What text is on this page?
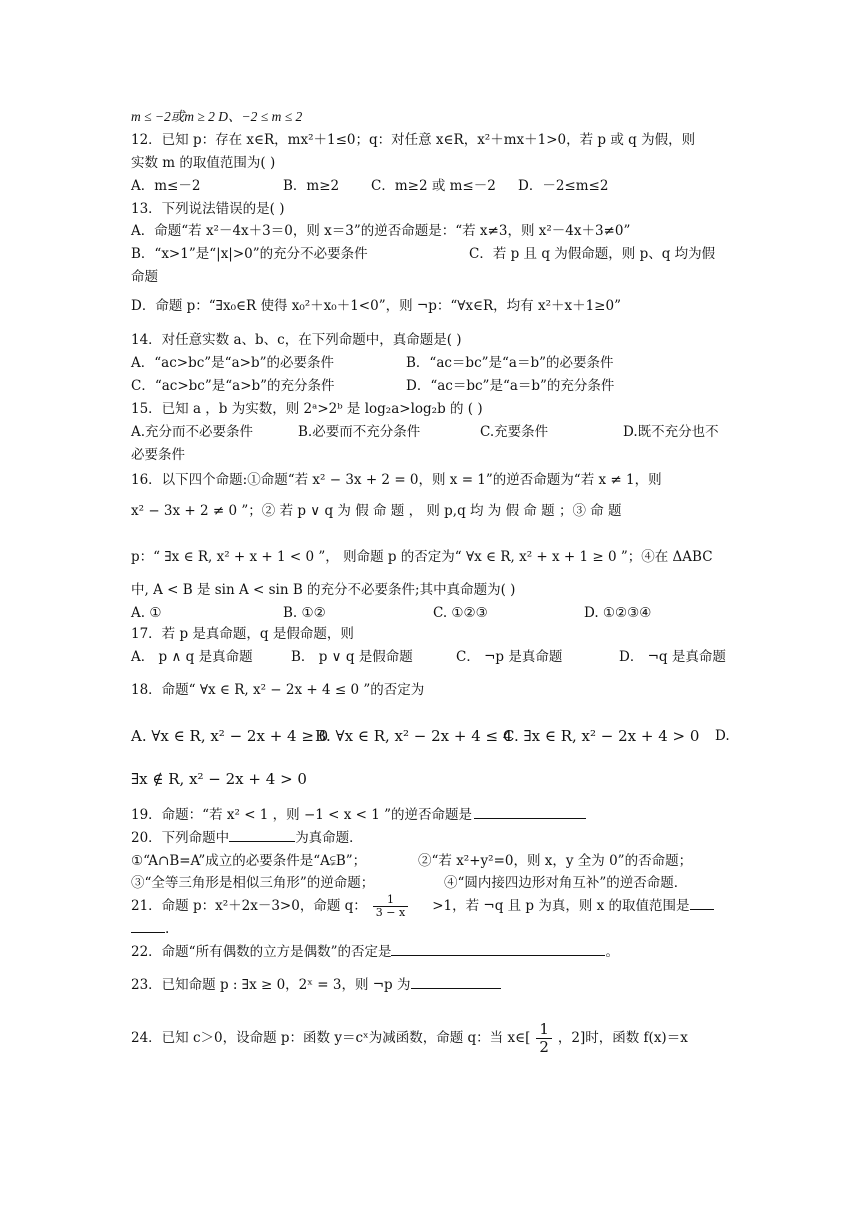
m ≤ −2或m ≥ 2 D、−2 ≤ m ≤ 2
12．已知 p：存在 x∈R，mx²＋1≤0；q：对任意 x∈R，x²＋mx＋1>0，若 p 或 q 为假，则
实数 m 的取值范围为( )
A．m≤－2	B．m≥2 C．m≥2 或 m≤－2 D．－2≤m≤2
13．下列说法错误的是( )
A．命题“若 x²－4x＋3＝0，则 x＝3”的逆否命题是：“若 x≠3，则 x²－4x＋3≠0”
B．“x>1”是“|x|>0”的充分不必要条件	C．若 p 且 q 为假命题，则 p、q 均为假
命题
D．命题 p：“∃x₀∈R 使得 x₀²＋x₀＋1<0”，则 ¬p：“∀x∈R，均有 x²＋x＋1≥0”
14．对任意实数 a、b、c，在下列命题中，真命题是( )
A．“ac>bc”是“a>b”的必要条件	B．“ac＝bc”是“a＝b”的必要条件
C．“ac>bc”是“a>b”的充分条件	D．“ac＝bc”是“a＝b”的充分条件
15．已知 a ，b 为实数，则 2ᵃ>2ᵇ 是 log₂a>log₂b 的 ( )
A.充分而不必要条件	B.必要而不充分条件	C.充要条件	D.既不充分也不
必要条件
16．以下四个命题:①命题“若 x² − 3x + 2 = 0，则 x = 1”的逆否命题为“若 x ≠ 1，则
x² − 3x + 2 ≠ 0 ”；② 若 p ∨ q 为 假 命 题 ， 则 p,q 均 为 假 命 题 ；③ 命 题
p：“ ∃x ∈ R, x² + x + 1 < 0 ”， 则命题 p 的否定为“ ∀x ∈ R, x² + x + 1 ≥ 0 ”；④在 ΔABC
中, A < B 是 sin A < sin B 的充分不必要条件;其中真命题为( )
A. ①	B. ①②	C. ①②③	D. ①②③④
17．若 p 是真命题，q 是假命题，则
A． p ∧ q 是真命题	B． p ∨ q 是假命题	C． ¬p 是真命题	D． ¬q 是真命题
18．命题“ ∀x ∈ R, x² − 2x + 4 ≤ 0 ”的否定为
A. ∀x ∈ R, x² − 2x + 4 ≥ 0
B. ∀x ∈ R, x² − 2x + 4 ≤ 4
C. ∃x ∈ R, x² − 2x + 4 > 0 D.
∃x ∉ R, x² − 2x + 4 > 0
19．命题：“若 x² < 1 ，则 −1 < x < 1 ”的逆否命题是
20．下列命题中	为真命题．
①“A∩B=A”成立的必要条件是“A⫋B”；	②“若 x²+y²=0，则 x，y 全为 0”的否命题；
③“全等三角形是相似三角形”的逆命题；	④“圆内接四边形对角互补”的逆否命题．
21．命题 p：x²＋2x－3>0，命题 q： $\frac{1}{3 - x} >1$，若 ¬q 且 p 为真，则 x 的取值范围是
.
22．命题“所有偶数的立方是偶数”的否定是	。
23．已知命题 p : ∃x ≥ 0，2ˣ = 3，则 ¬p 为
24．已知 c＞0，设命题 p：函数 y＝cˣ为减函数，命题 q：当 x∈[ $\frac{1}{2}$ ，2]时，函数 f(x)＝x
